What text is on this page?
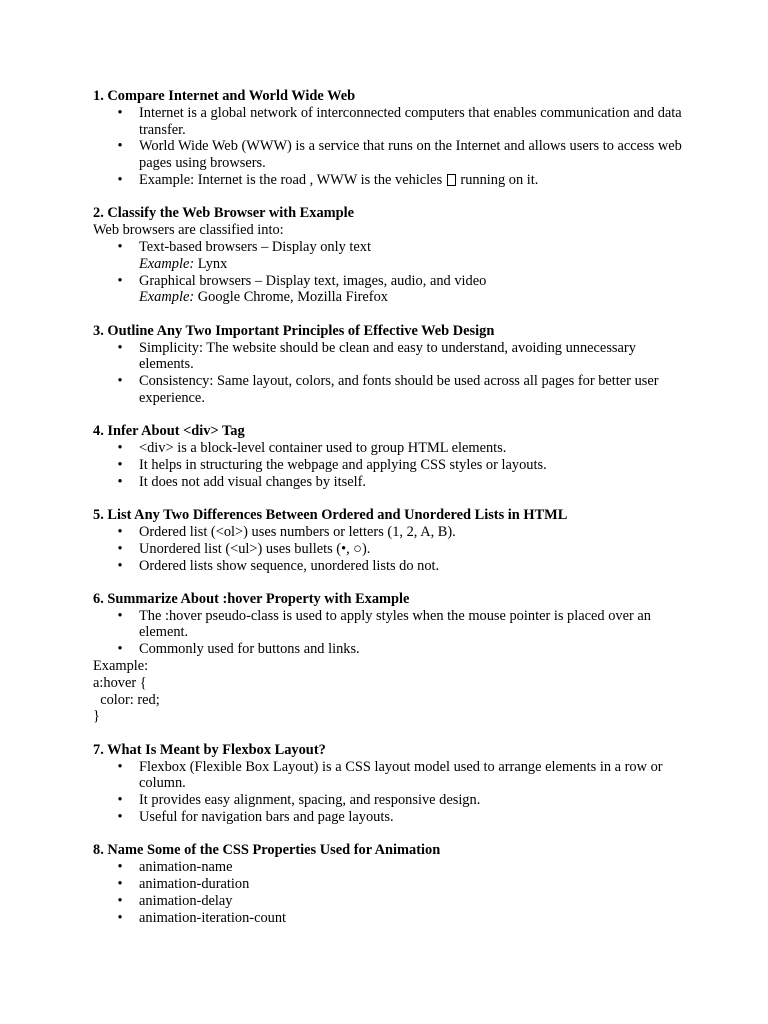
1. Compare Internet and World Wide Web

• Internet is a global network of interconnected computers that enables communication and data transfer.
• World Wide Web (WWW) is a service that runs on the Internet and allows users to access web pages using browsers.
• Example: Internet is the road , WWW is the vehicles running on it.

2. Classify the Web Browser with Example

Web browsers are classified into:

• Text-based browsers – Display only text
Example: Lynx
• Graphical browsers – Display text, images, audio, and video
Example: Google Chrome, Mozilla Firefox

3. Outline Any Two Important Principles of Effective Web Design

• Simplicity: The website should be clean and easy to understand, avoiding unnecessary elements.
• Consistency: Same layout, colors, and fonts should be used across all pages for better user experience.

4. Infer About <div> Tag

• <div> is a block-level container used to group HTML elements.
• It helps in structuring the webpage and applying CSS styles or layouts.
• It does not add visual changes by itself.

5. List Any Two Differences Between Ordered and Unordered Lists in HTML

• Ordered list (<ol>) uses numbers or letters (1, 2, A, B).
• Unordered list (<ul>) uses bullets (•, ○).
• Ordered lists show sequence, unordered lists do not.

6. Summarize About :hover Property with Example

• The :hover pseudo-class is used to apply styles when the mouse pointer is placed over an element.
• Commonly used for buttons and links.

Example:

a:hover {

color: red;

}

7. What Is Meant by Flexbox Layout?

• Flexbox (Flexible Box Layout) is a CSS layout model used to arrange elements in a row or column.
• It provides easy alignment, spacing, and responsive design.
• Useful for navigation bars and page layouts.

8. Name Some of the CSS Properties Used for Animation

• animation-name
• animation-duration
• animation-delay
• animation-iteration-count
